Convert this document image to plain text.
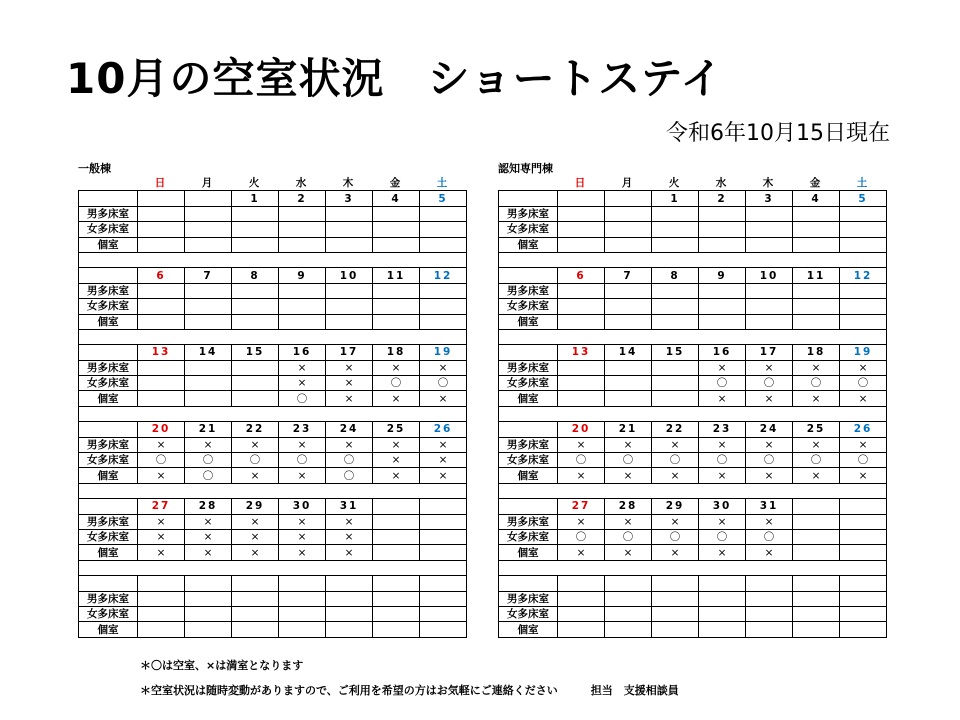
10月の空室状況　ショートステイ
令和6年10月15日現在
一般棟
	日	月	火	水	木	金	土
			1	2	3	4	5
男多床室							
女多床室							
個室							

	6	7	8	9	10	11	12
男多床室							
女多床室							
個室							

	13	14	15	16	17	18	19
男多床室				×	×	×	×
女多床室				×	×	〇	〇
個室				〇	×	×	×

	20	21	22	23	24	25	26
男多床室	×	×	×	×	×	×	×
女多床室	〇	〇	〇	〇	〇	×	×
個室	×	〇	×	×	〇	×	×

	27	28	29	30	31		
男多床室	×	×	×	×	×		
女多床室	×	×	×	×	×		
個室	×	×	×	×	×		

男多床室							
女多床室							
個室							
認知専門棟
	日	月	火	水	木	金	土
			1	2	3	4	5
男多床室							
女多床室							
個室							

	6	7	8	9	10	11	12
男多床室							
女多床室							
個室							

	13	14	15	16	17	18	19
男多床室				×	×	×	×
女多床室				〇	〇	〇	〇
個室				×	×	×	×

	20	21	22	23	24	25	26
男多床室	×	×	×	×	×	×	×
女多床室	〇	〇	〇	〇	〇	〇	〇
個室	×	×	×	×	×	×	×

	27	28	29	30	31		
男多床室	×	×	×	×	×		
女多床室	〇	〇	〇	〇	〇		
個室	×	×	×	×	×		

男多床室							
女多床室							
個室							
＊〇は空室、×は満室となります
＊空室状況は随時変動がありますので、ご利用を希望の方はお気軽にご連絡ください　　　担当　支援相談員
